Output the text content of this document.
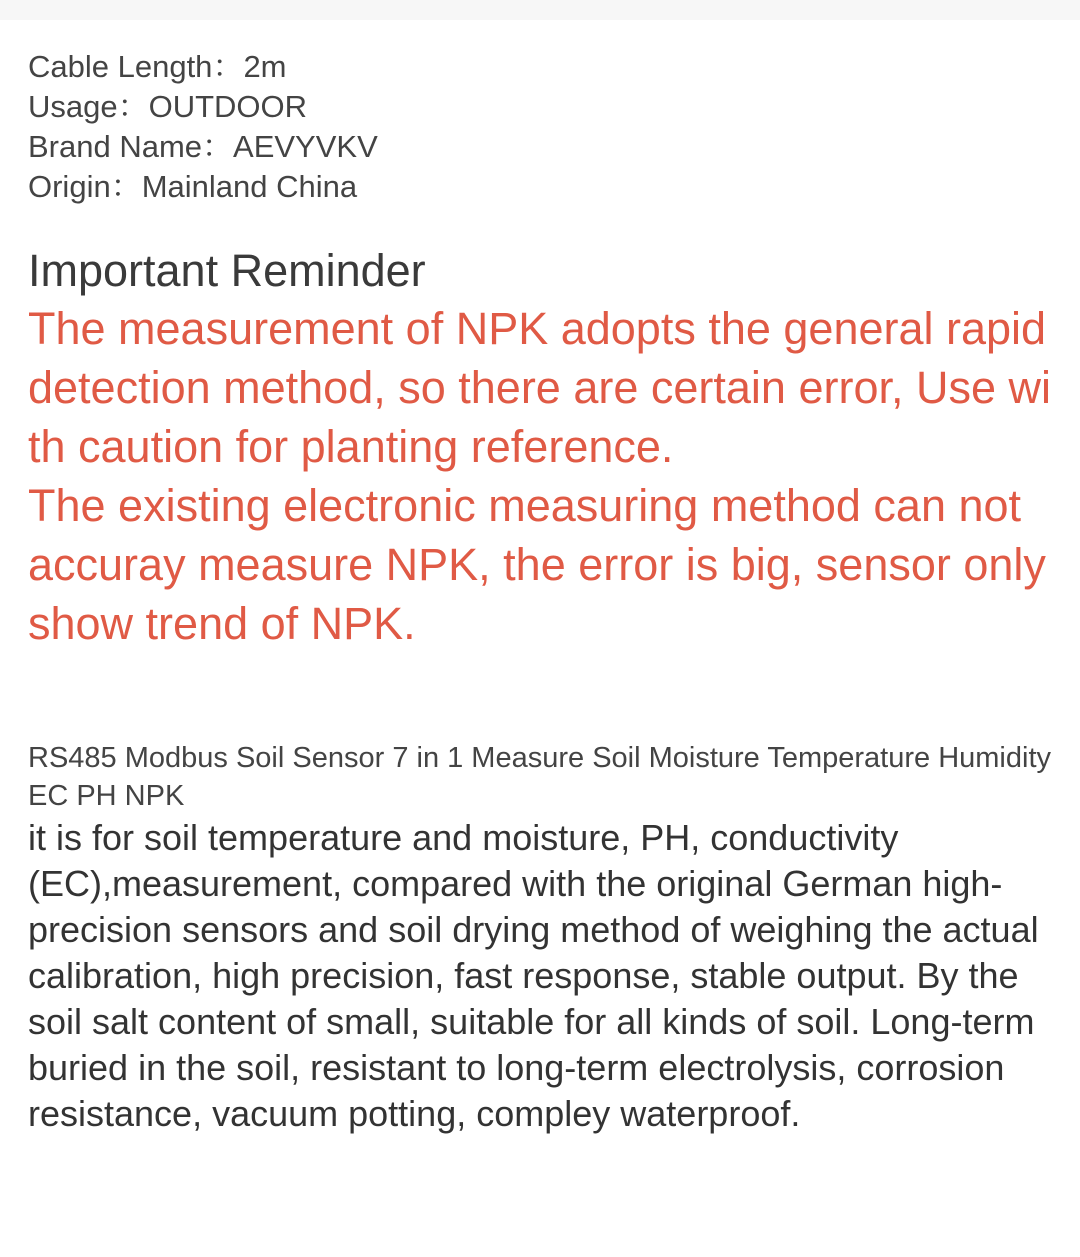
Cable Length：2m
Usage：OUTDOOR
Brand Name：AEVYVKV
Origin：Mainland China
Important Reminder

The measurement of NPK adopts the general rapid detection method, so there are certain error, Use with caution for planting reference.

The existing electronic measuring method can not accuray measure NPK, the error is big, sensor only show trend of NPK.

RS485 Modbus Soil Sensor 7 in 1 Measure Soil Moisture Temperature Humidity EC PH NPK

it is for soil temperature and moisture, PH, conductivity (EC),measurement, compared with the original German high-precision sensors and soil drying method of weighing the actual calibration, high precision, fast response, stable output. By the soil salt content of small, suitable for all kinds of soil. Long-term buried in the soil, resistant to long-term electrolysis, corrosion resistance, vacuum potting, compley waterproof.
